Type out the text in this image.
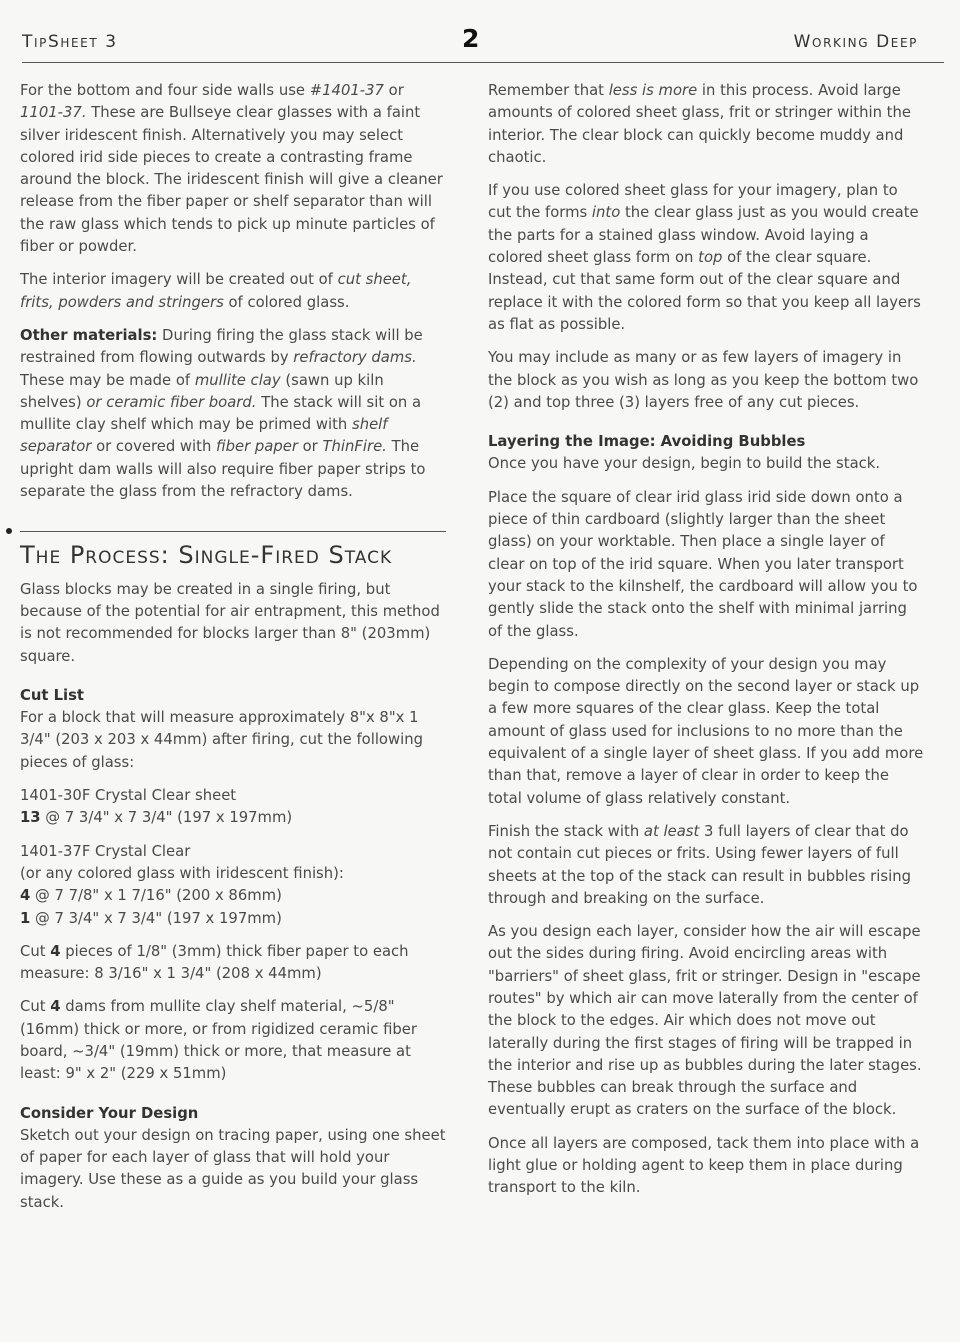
TipSheet 3	2	Working Deep

For the bottom and four side walls use #1401-37 or 1101-37. These are Bullseye clear glasses with a faint silver iridescent finish. Alternatively you may select colored irid side pieces to create a contrasting frame around the block. The iridescent finish will give a cleaner release from the fiber paper or shelf separator than will the raw glass which tends to pick up minute particles of fiber or powder.

The interior imagery will be created out of cut sheet, frits, powders and stringers of colored glass.

Other materials: During firing the glass stack will be restrained from flowing outwards by refractory dams. These may be made of mullite clay (sawn up kiln shelves) or ceramic fiber board. The stack will sit on a mullite clay shelf which may be primed with shelf separator or covered with fiber paper or ThinFire. The upright dam walls will also require fiber paper strips to separate the glass from the refractory dams.

The Process: Single-Fired Stack

Glass blocks may be created in a single firing, but because of the potential for air entrapment, this method is not recommended for blocks larger than 8" (203mm) square.

Cut List

For a block that will measure approximately 8"x 8"x 1 3/4" (203 x 203 x 44mm) after firing, cut the following pieces of glass:

1401-30F Crystal Clear sheet
13 @ 7 3/4" x 7 3/4" (197 x 197mm)

1401-37F Crystal Clear
(or any colored glass with iridescent finish):
4 @ 7 7/8" x 1 7/16" (200 x 86mm)
1 @ 7 3/4" x 7 3/4" (197 x 197mm)

Cut 4 pieces of 1/8" (3mm) thick fiber paper to each measure: 8 3/16" x 1 3/4" (208 x 44mm)

Cut 4 dams from mullite clay shelf material, ~5/8" (16mm) thick or more, or from rigidized ceramic fiber board, ~3/4" (19mm) thick or more, that measure at least: 9" x 2" (229 x 51mm)

Consider Your Design

Sketch out your design on tracing paper, using one sheet of paper for each layer of glass that will hold your imagery. Use these as a guide as you build your glass stack.

Remember that less is more in this process. Avoid large amounts of colored sheet glass, frit or stringer within the interior. The clear block can quickly become muddy and chaotic.

If you use colored sheet glass for your imagery, plan to cut the forms into the clear glass just as you would create the parts for a stained glass window. Avoid laying a colored sheet glass form on top of the clear square. Instead, cut that same form out of the clear square and replace it with the colored form so that you keep all layers as flat as possible.

You may include as many or as few layers of imagery in the block as you wish as long as you keep the bottom two (2) and top three (3) layers free of any cut pieces.

Layering the Image: Avoiding Bubbles

Once you have your design, begin to build the stack.

Place the square of clear irid glass irid side down onto a piece of thin cardboard (slightly larger than the sheet glass) on your worktable. Then place a single layer of clear on top of the irid square. When you later transport your stack to the kilnshelf, the cardboard will allow you to gently slide the stack onto the shelf with minimal jarring of the glass.

Depending on the complexity of your design you may begin to compose directly on the second layer or stack up a few more squares of the clear glass. Keep the total amount of glass used for inclusions to no more than the equivalent of a single layer of sheet glass. If you add more than that, remove a layer of clear in order to keep the total volume of glass relatively constant.

Finish the stack with at least 3 full layers of clear that do not contain cut pieces or frits. Using fewer layers of full sheets at the top of the stack can result in bubbles rising through and breaking on the surface.

As you design each layer, consider how the air will escape out the sides during firing. Avoid encircling areas with "barriers" of sheet glass, frit or stringer. Design in "escape routes" by which air can move laterally from the center of the block to the edges. Air which does not move out laterally during the first stages of firing will be trapped in the interior and rise up as bubbles during the later stages. These bubbles can break through the surface and eventually erupt as craters on the surface of the block.

Once all layers are composed, tack them into place with a light glue or holding agent to keep them in place during transport to the kiln.
